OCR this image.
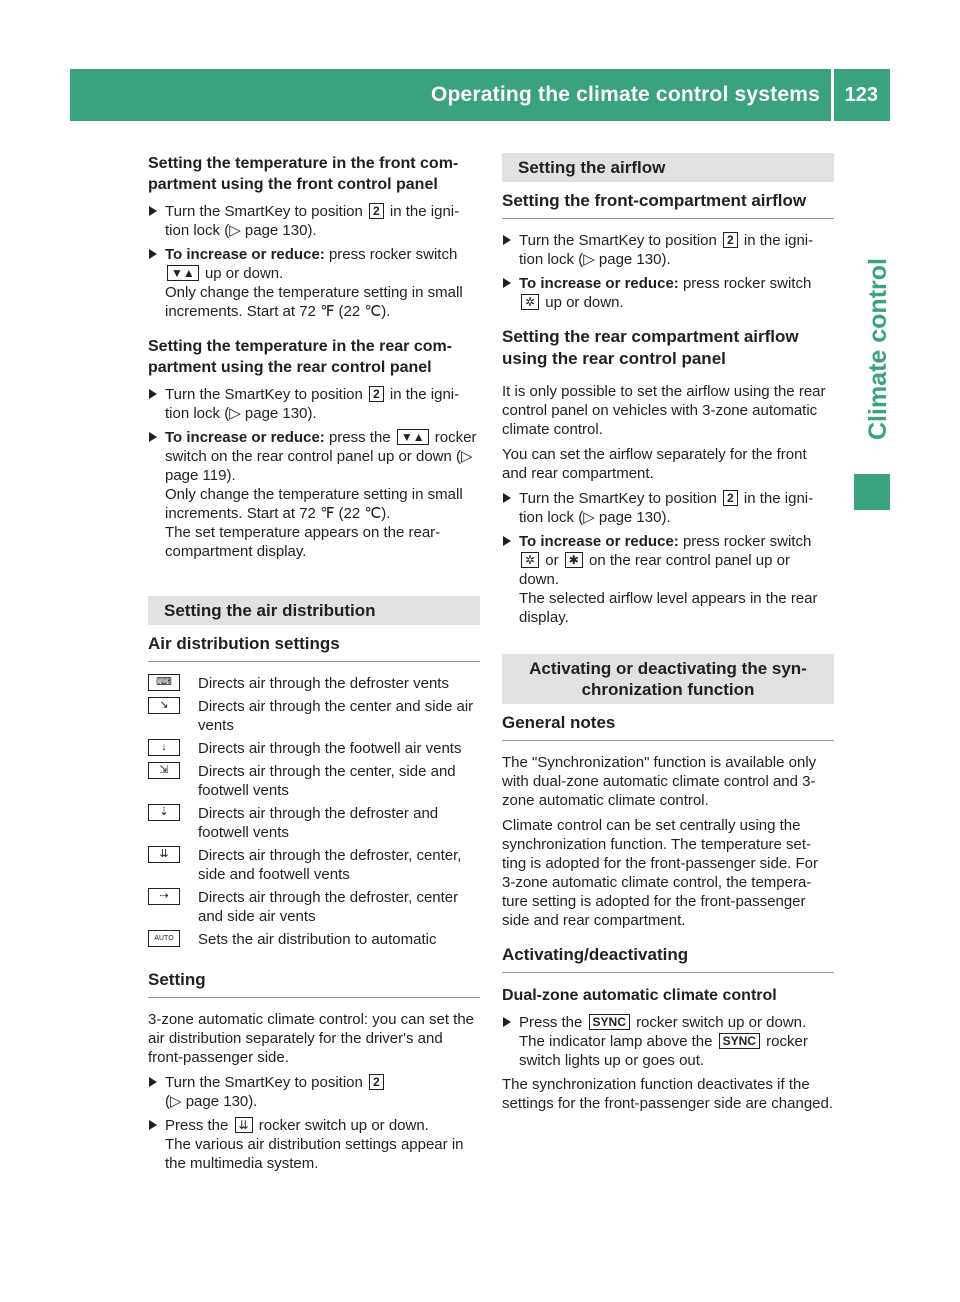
Operating the climate control systems 123
Climate control
Setting the temperature in the front com-partment using the front control panel
Turn the SmartKey to position 2 in the igni-tion lock (▷ page 130).
To increase or reduce: press rocker switch
▼▲ up or down.
Only change the temperature setting in small increments. Start at 72 ℉ (22 ℃).
Setting the temperature in the rear com-partment using the rear control panel
Turn the SmartKey to position 2 in the igni-tion lock (▷ page 130).
To increase or reduce: press the ▼▲ rocker switch on the rear control panel up or down (▷ page 119).
Only change the temperature setting in small increments. Start at 72 ℉ (22 ℃).
The set temperature appears on the rear-compartment display.
Setting the air distribution
Air distribution settings
⌨	Directs air through the defroster vents
↘	Directs air through the center and side air vents
↓	Directs air through the footwell air vents
⇲	Directs air through the center, side and footwell vents
⇣	Directs air through the defroster and footwell vents
⇊	Directs air through the defroster, center, side and footwell vents
⇢	Directs air through the defroster, center and side air vents
AUTO	Sets the air distribution to automatic
Setting
3-zone automatic climate control: you can set the air distribution separately for the driver's and front-passenger side.
Turn the SmartKey to position 2
(▷ page 130).
Press the ⇊ rocker switch up or down.
The various air distribution settings appear in the multimedia system.
Setting the airflow
Setting the front-compartment airflow
Turn the SmartKey to position 2 in the igni-tion lock (▷ page 130).
To increase or reduce: press rocker switch
✲ up or down.
Setting the rear compartment airflow using the rear control panel
It is only possible to set the airflow using the rear control panel on vehicles with 3-zone automatic climate control.
You can set the airflow separately for the front and rear compartment.
Turn the SmartKey to position 2 in the igni-tion lock (▷ page 130).
To increase or reduce: press rocker switch
✲ or ✱ on the rear control panel up or down.
The selected airflow level appears in the rear display.
Activating or deactivating the syn-chronization function
General notes
The "Synchronization" function is available only with dual-zone automatic climate control and 3-zone automatic climate control.
Climate control can be set centrally using the synchronization function. The temperature set-ting is adopted for the front-passenger side. For 3-zone automatic climate control, the tempera-ture setting is adopted for the front-passenger side and rear compartment.
Activating/deactivating
Dual-zone automatic climate control
Press the SYNC rocker switch up or down.
The indicator lamp above the SYNC rocker switch lights up or goes out.
The synchronization function deactivates if the settings for the front-passenger side are changed.
